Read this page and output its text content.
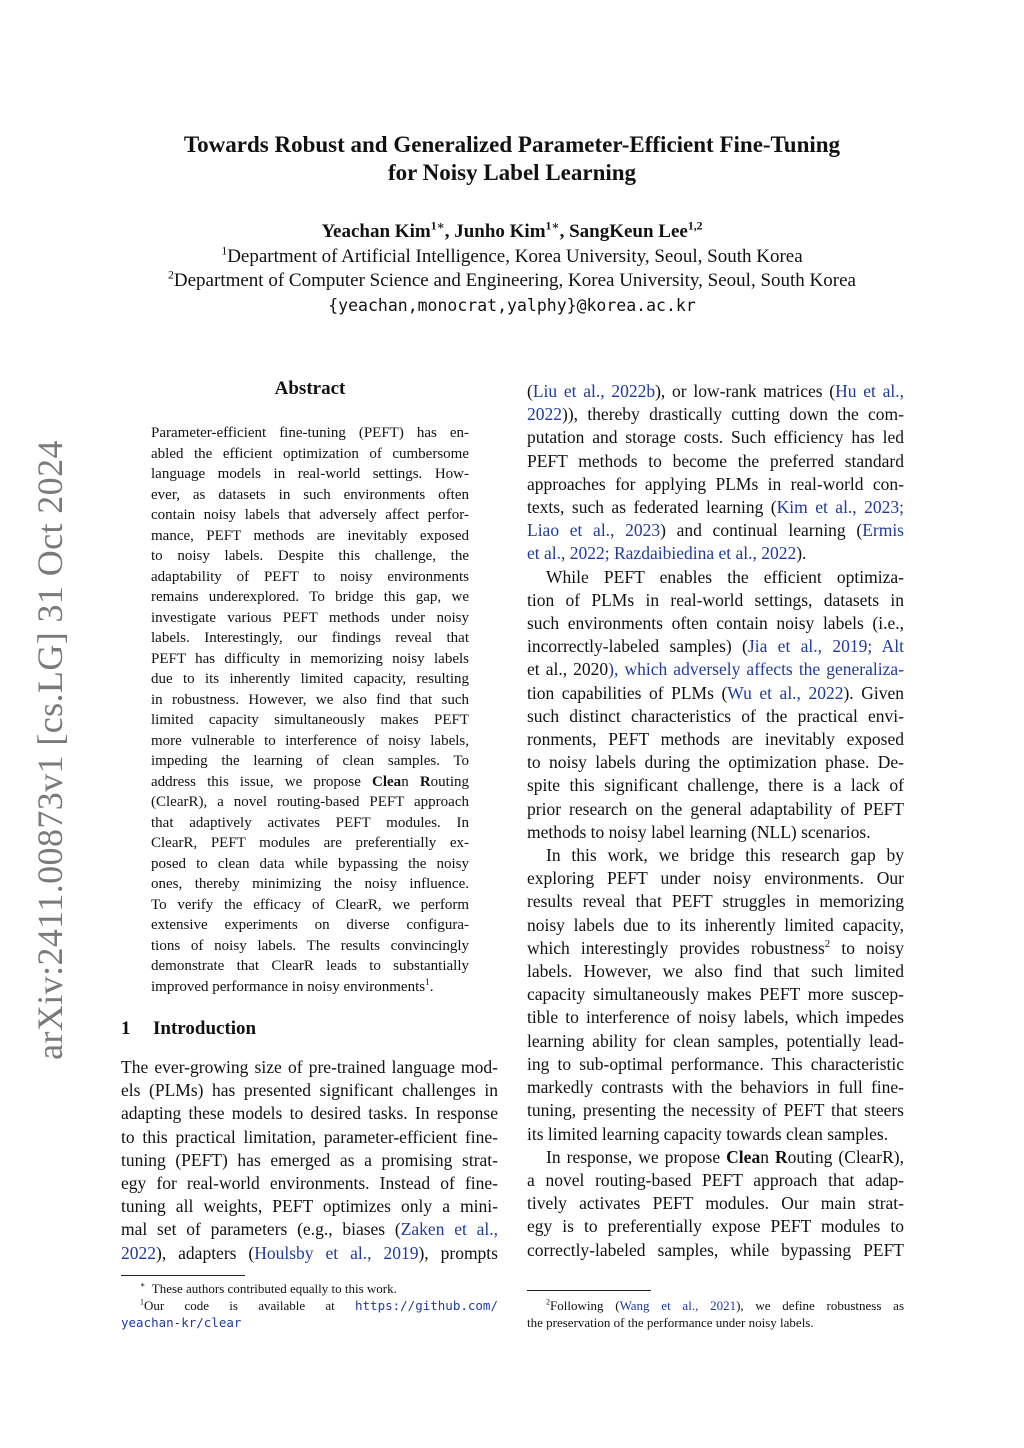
arXiv:2411.00873v1 [cs.LG] 31 Oct 2024
Towards Robust and Generalized Parameter-Efficient Fine-Tuning
for Noisy Label Learning
Yeachan Kim$^{1∗}$, Junho Kim$^{1∗}$, SangKeun Lee$^{1,2}$
$^1$Department of Artificial Intelligence, Korea University, Seoul, South Korea
$^2$Department of Computer Science and Engineering, Korea University, Seoul, South Korea
{yeachan,monocrat,yalphy}@korea.ac.kr
Abstract
Parameter-efficient fine-tuning (PEFT) has en-
abled the efficient optimization of cumbersome
language models in real-world settings. How-
ever, as datasets in such environments often
contain noisy labels that adversely affect perfor-
mance, PEFT methods are inevitably exposed
to noisy labels. Despite this challenge, the
adaptability of PEFT to noisy environments
remains underexplored. To bridge this gap, we
investigate various PEFT methods under noisy
labels. Interestingly, our findings reveal that
PEFT has difficulty in memorizing noisy labels
due to its inherently limited capacity, resulting
in robustness. However, we also find that such
limited capacity simultaneously makes PEFT
more vulnerable to interference of noisy labels,
impeding the learning of clean samples. To
address this issue, we propose Clean Routing
(ClearR), a novel routing-based PEFT approach
that adaptively activates PEFT modules. In
ClearR, PEFT modules are preferentially ex-
posed to clean data while bypassing the noisy
ones, thereby minimizing the noisy influence.
To verify the efficacy of ClearR, we perform
extensive experiments on diverse configura-
tions of noisy labels. The results convincingly
demonstrate that ClearR leads to substantially
improved performance in noisy environments$^1$.
1 Introduction
The ever-growing size of pre-trained language mod-
els (PLMs) has presented significant challenges in
adapting these models to desired tasks. In response
to this practical limitation, parameter-efficient fine-
tuning (PEFT) has emerged as a promising strat-
egy for real-world environments. Instead of fine-
tuning all weights, PEFT optimizes only a mini-
mal set of parameters (e.g., biases (Zaken et al.,
2022), adapters (Houlsby et al., 2019), prompts
(Liu et al., 2022b), or low-rank matrices (Hu et al.,
2022)), thereby drastically cutting down the com-
putation and storage costs. Such efficiency has led
PEFT methods to become the preferred standard
approaches for applying PLMs in real-world con-
texts, such as federated learning (Kim et al., 2023;
Liao et al., 2023) and continual learning (Ermis
et al., 2022; Razdaibiedina et al., 2022).
While PEFT enables the efficient optimiza-
tion of PLMs in real-world settings, datasets in
such environments often contain noisy labels (i.e.,
incorrectly-labeled samples) (Jia et al., 2019; Alt
et al., 2020), which adversely affects the generaliza-
tion capabilities of PLMs (Wu et al., 2022). Given
such distinct characteristics of the practical envi-
ronments, PEFT methods are inevitably exposed
to noisy labels during the optimization phase. De-
spite this significant challenge, there is a lack of
prior research on the general adaptability of PEFT
methods to noisy label learning (NLL) scenarios.
In this work, we bridge this research gap by
exploring PEFT under noisy environments. Our
results reveal that PEFT struggles in memorizing
noisy labels due to its inherently limited capacity,
which interestingly provides robustness$^2$ to noisy
labels. However, we also find that such limited
capacity simultaneously makes PEFT more suscep-
tible to interference of noisy labels, which impedes
learning ability for clean samples, potentially lead-
ing to sub-optimal performance. This characteristic
markedly contrasts with the behaviors in full fine-
tuning, presenting the necessity of PEFT that steers
its limited learning capacity towards clean samples.
In response, we propose Clean Routing (ClearR),
a novel routing-based PEFT approach that adap-
tively activates PEFT modules. Our main strat-
egy is to preferentially expose PEFT modules to
correctly-labeled samples, while bypassing PEFT
∗ These authors contributed equally to this work.
$^1$Our code is available at https://github.com/
yeachan-kr/clear
$^2$Following (Wang et al., 2021), we define robustness as
the preservation of the performance under noisy labels.
